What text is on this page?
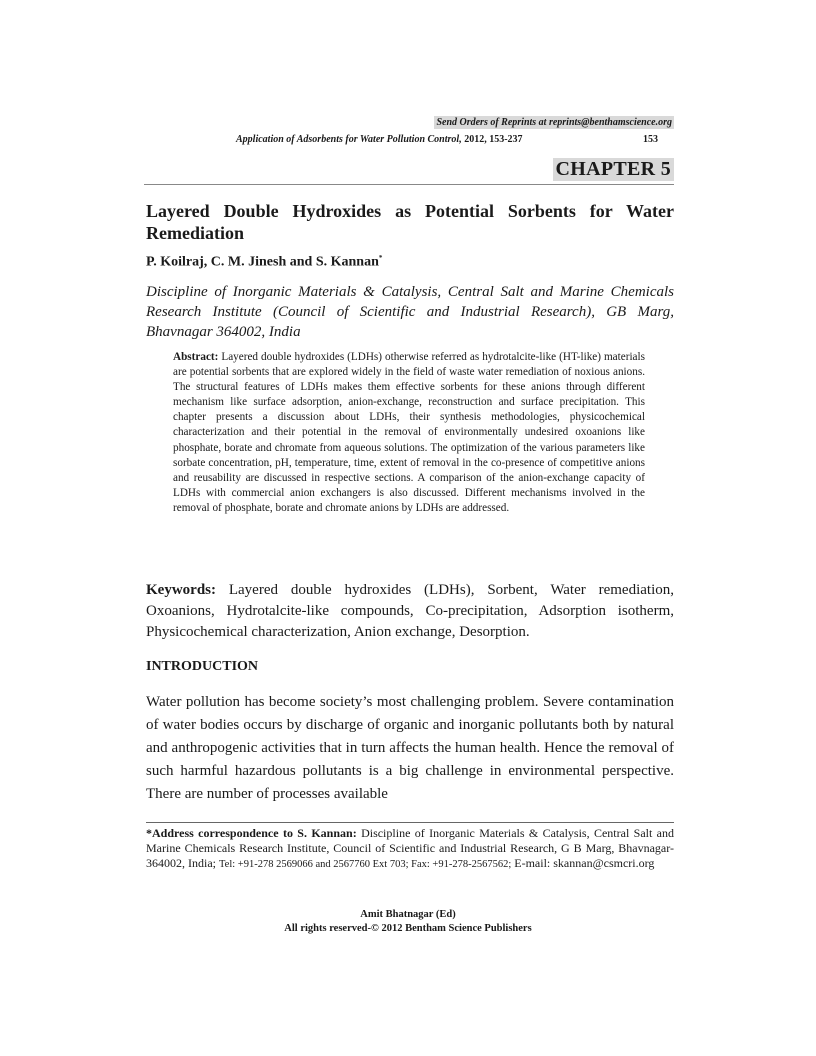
Send Orders of Reprints at reprints@benthamscience.org
Application of Adsorbents for Water Pollution Control, 2012, 153-237	153
CHAPTER 5
Layered Double Hydroxides as Potential Sorbents for Water Remediation
P. Koilraj, C. M. Jinesh and S. Kannan*
Discipline of Inorganic Materials & Catalysis, Central Salt and Marine Chemicals Research Institute (Council of Scientific and Industrial Research), GB Marg, Bhavnagar 364002, India
Abstract: Layered double hydroxides (LDHs) otherwise referred as hydrotalcite-like (HT-like) materials are potential sorbents that are explored widely in the field of waste water remediation of noxious anions. The structural features of LDHs makes them effective sorbents for these anions through different mechanism like surface adsorption, anion-exchange, reconstruction and surface precipitation. This chapter presents a discussion about LDHs, their synthesis methodologies, physicochemical characterization and their potential in the removal of environmentally undesired oxoanions like phosphate, borate and chromate from aqueous solutions. The optimization of the various parameters like sorbate concentration, pH, temperature, time, extent of removal in the co-presence of competitive anions and reusability are discussed in respective sections. A comparison of the anion-exchange capacity of LDHs with commercial anion exchangers is also discussed. Different mechanisms involved in the removal of phosphate, borate and chromate anions by LDHs are addressed.
Keywords: Layered double hydroxides (LDHs), Sorbent, Water remediation, Oxoanions, Hydrotalcite-like compounds, Co-precipitation, Adsorption isotherm, Physicochemical characterization, Anion exchange, Desorption.
INTRODUCTION
Water pollution has become society’s most challenging problem. Severe contamination of water bodies occurs by discharge of organic and inorganic pollutants both by natural and anthropogenic activities that in turn affects the human health. Hence the removal of such harmful hazardous pollutants is a big challenge in environmental perspective. There are number of processes available
*Address correspondence to S. Kannan: Discipline of Inorganic Materials & Catalysis, Central Salt and Marine Chemicals Research Institute, Council of Scientific and Industrial Research, G B Marg, Bhavnagar-364002, India; Tel: +91-278 2569066 and 2567760 Ext 703; Fax: +91-278-2567562; E-mail: skannan@csmcri.org
Amit Bhatnagar (Ed)
All rights reserved-© 2012 Bentham Science Publishers
